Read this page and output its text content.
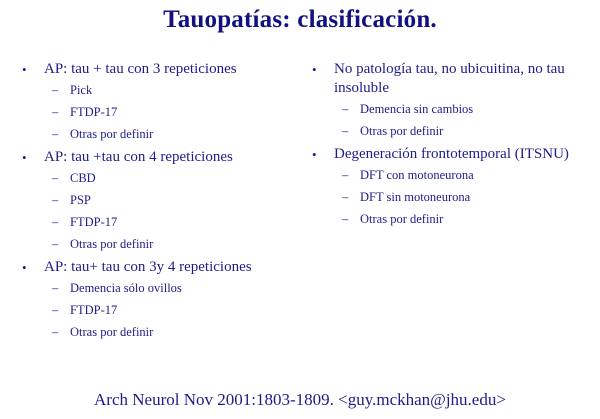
Tauopatías: clasificación.
• AP: tau + tau con 3 repeticiones
– Pick
– FTDP-17
– Otras por definir
• AP: tau +tau con 4 repeticiones
– CBD
– PSP
– FTDP-17
– Otras por definir
• AP: tau+ tau con 3y 4 repeticiones
– Demencia sólo ovillos
– FTDP-17
– Otras por definir
• No patología tau, no ubicuitina, no tau insoluble
– Demencia sin cambios
– Otras por definir
• Degeneración frontotemporal (ITSNU)
– DFT con motoneurona
– DFT sin motoneurona
– Otras por definir
Arch Neurol Nov 2001:1803-1809. <guy.mckhan@jhu.edu>
